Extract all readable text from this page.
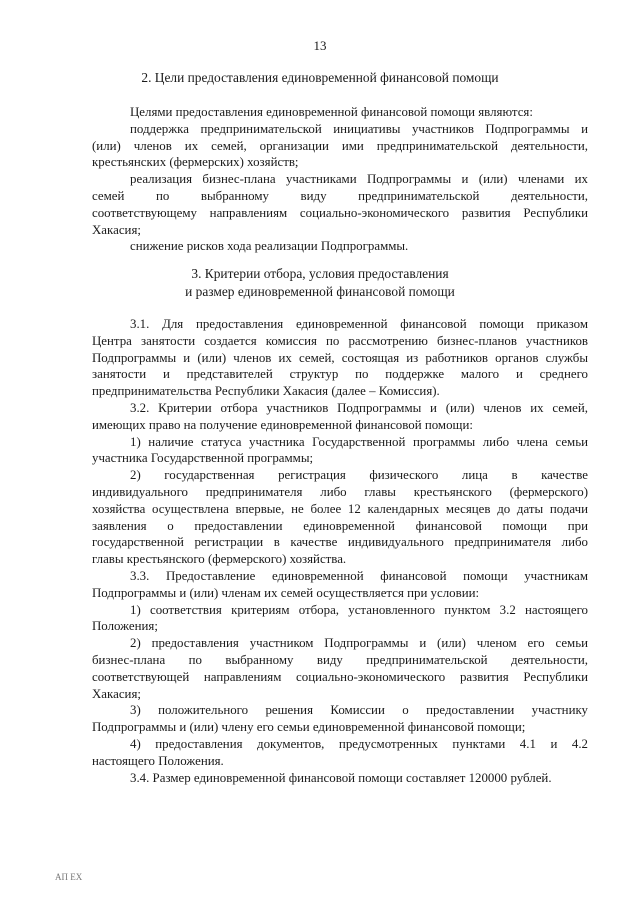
13
2. Цели предоставления единовременной финансовой помощи
Целями предоставления единовременной финансовой помощи являются:
поддержка предпринимательской инициативы участников Подпрограммы и
(или) членов их семей, организации ими предпринимательской деятельности,
крестьянских (фермерских) хозяйств;
реализация бизнес-плана участниками Подпрограммы и (или) членами их
семей по выбранному виду предпринимательской деятельности,
соответствующему направлениям социально-экономического развития Республики
Хакасия;
снижение рисков хода реализации Подпрограммы.
3. Критерии отбора, условия предоставления
и размер единовременной финансовой помощи
3.1. Для предоставления единовременной финансовой помощи приказом
Центра занятости создается комиссия по рассмотрению бизнес-планов участников
Подпрограммы и (или) членов их семей, состоящая из работников органов службы
занятости и представителей структур по поддержке малого и среднего
предпринимательства Республики Хакасия (далее – Комиссия).
3.2. Критерии отбора участников Подпрограммы и (или) членов их семей,
имеющих право на получение единовременной финансовой помощи:
1) наличие статуса участника Государственной программы либо члена семьи
участника Государственной программы;
2) государственная регистрация физического лица в качестве
индивидуального предпринимателя либо главы крестьянского (фермерского)
хозяйства осуществлена впервые, не более 12 календарных месяцев до даты подачи
заявления о предоставлении единовременной финансовой помощи при
государственной регистрации в качестве индивидуального предпринимателя либо
главы крестьянского (фермерского) хозяйства.
3.3. Предоставление единовременной финансовой помощи участникам
Подпрограммы и (или) членам их семей осуществляется при условии:
1) соответствия критериям отбора, установленного пунктом 3.2 настоящего
Положения;
2) предоставления участником Подпрограммы и (или) членом его семьи
бизнес-плана по выбранному виду предпринимательской деятельности,
соответствующей направлениям социально-экономического развития Республики
Хакасия;
3) положительного решения Комиссии о предоставлении участнику
Подпрограммы и (или) члену его семьи единовременной финансовой помощи;
4) предоставления документов, предусмотренных пунктами 4.1 и 4.2
настоящего Положения.
3.4. Размер единовременной финансовой помощи составляет 120000 рублей.
АП ЕХ
